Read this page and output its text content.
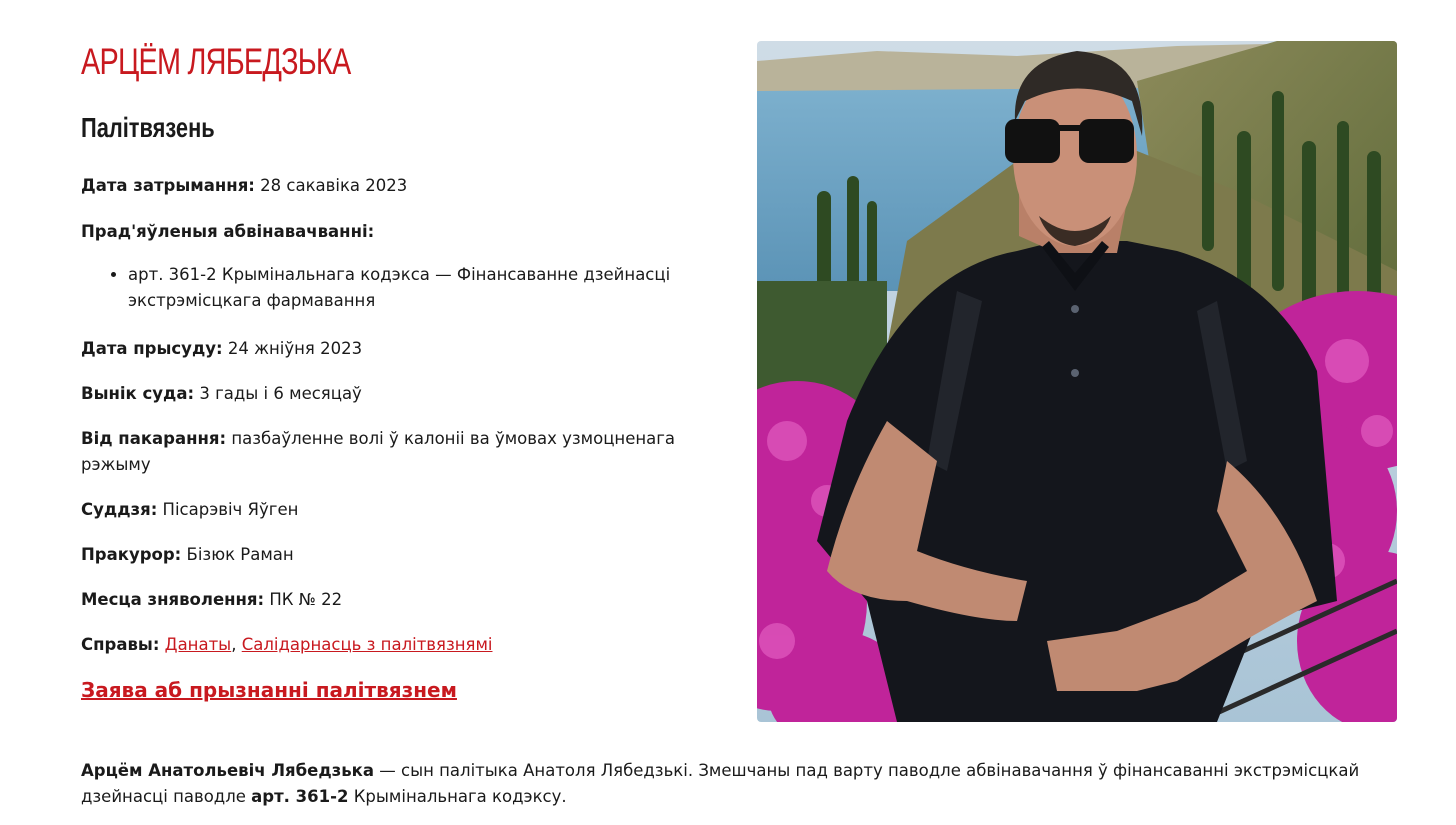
АРЦЁМ ЛЯБЕДЗЬКА
Палітвязень

Дата затрымання: 28 сакавіка 2023

Прад'яўленыя абвінавачванні:

• арт. 361-2 Крымінальнага кодэкса — Фінансаванне дзейнасці экстрэмісцкага фармавання

Дата прысуду: 24 жніўня 2023

Вынік суда: 3 гады і 6 месяцаў

Від пакарання: пазбаўленне волі ў калоніі ва ўмовах узмоцненага рэжыму

Суддзя: Пісарэвіч Яўген

Пракурор: Бізюк Раман

Месца зняволення: ПК № 22

Справы: Данаты, Салідарнасць з палітвязнямі

Заява аб прызнанні палітвязнем

Арцём Анатольевіч Лябедзька — сын палітыка Анатоля Лябедзькі. Змешчаны пад варту паводле абвінавачання ў фінансаванні экстрэмісцкай дзейнасці паводле арт. 361-2 Крымінальнага кодэксу.
